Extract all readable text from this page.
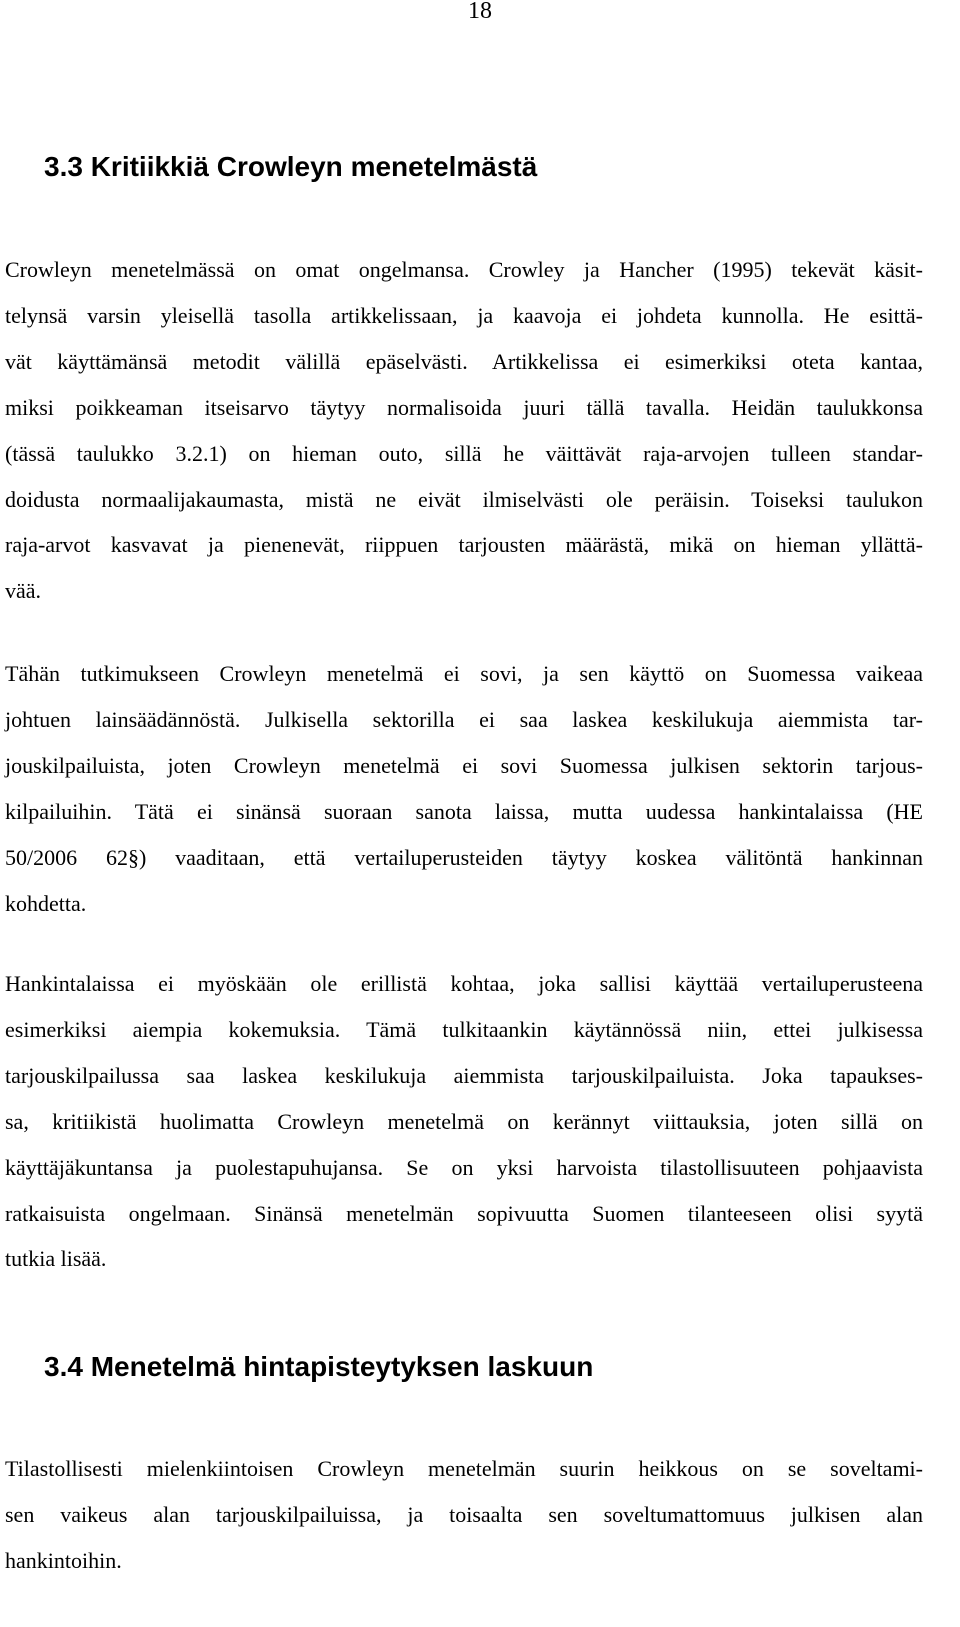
18
3.3 Kritiikkiä Crowleyn menetelmästä

Crowleyn menetelmässä on omat ongelmansa. Crowley ja Hancher (1995) tekevät käsit-
telynsä varsin yleisellä tasolla artikkelissaan, ja kaavoja ei johdeta kunnolla. He esittä-
vät käyttämänsä metodit välillä epäselvästi. Artikkelissa ei esimerkiksi oteta kantaa,
miksi poikkeaman itseisarvo täytyy normalisoida juuri tällä tavalla. Heidän taulukkonsa
(tässä taulukko 3.2.1) on hieman outo, sillä he väittävät raja-arvojen tulleen standar-
doidusta normaalijakaumasta, mistä ne eivät ilmiselvästi ole peräisin. Toiseksi taulukon
raja-arvot kasvavat ja pienenevät, riippuen tarjousten määrästä, mikä on hieman yllättä-
vää.

Tähän tutkimukseen Crowleyn menetelmä ei sovi, ja sen käyttö on Suomessa vaikeaa
johtuen lainsäädännöstä. Julkisella sektorilla ei saa laskea keskilukuja aiemmista tar-
jouskilpailuista, joten Crowleyn menetelmä ei sovi Suomessa julkisen sektorin tarjous-
kilpailuihin. Tätä ei sinänsä suoraan sanota laissa, mutta uudessa hankintalaissa (HE
50/2006 62§) vaaditaan, että vertailuperusteiden täytyy koskea välitöntä hankinnan
kohdetta.

Hankintalaissa ei myöskään ole erillistä kohtaa, joka sallisi käyttää vertailuperusteena
esimerkiksi aiempia kokemuksia. Tämä tulkitaankin käytännössä niin, ettei julkisessa
tarjouskilpailussa saa laskea keskilukuja aiemmista tarjouskilpailuista. Joka tapaukses-
sa, kritiikistä huolimatta Crowleyn menetelmä on kerännyt viittauksia, joten sillä on
käyttäjäkuntansa ja puolestapuhujansa. Se on yksi harvoista tilastollisuuteen pohjaavista
ratkaisuista ongelmaan. Sinänsä menetelmän sopivuutta Suomen tilanteeseen olisi syytä
tutkia lisää.

3.4 Menetelmä hintapisteytyksen laskuun

Tilastollisesti mielenkiintoisen Crowleyn menetelmän suurin heikkous on se soveltami-
sen vaikeus alan tarjouskilpailuissa, ja toisaalta sen soveltumattomuus julkisen alan
hankintoihin.
